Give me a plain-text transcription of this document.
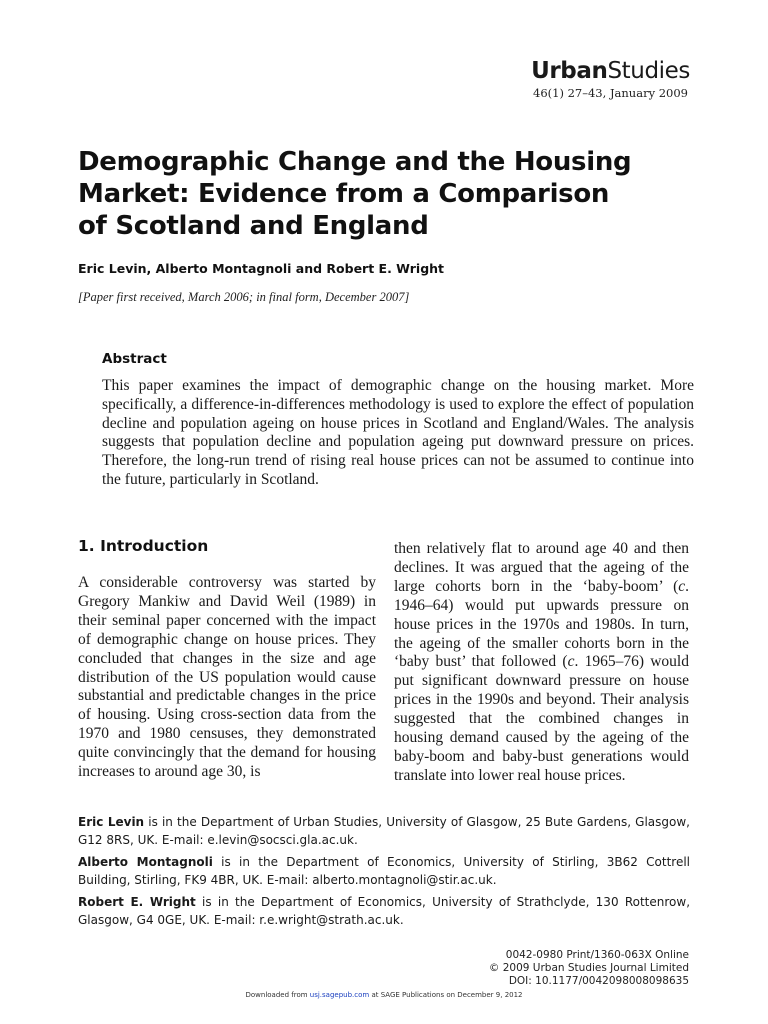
UrbanStudies
46(1) 27–43, January 2009
Demographic Change and the Housing
Market: Evidence from a Comparison
of Scotland and England
Eric Levin, Alberto Montagnoli and Robert E. Wright
[Paper first received, March 2006; in final form, December 2007]
Abstract

This paper examines the impact of demographic change on the housing market. More specifically, a difference-in-differences methodology is used to explore the effect of population decline and population ageing on house prices in Scotland and England/Wales. The analysis suggests that population decline and population ageing put downward pressure on prices. Therefore, the long-run trend of rising real house prices can not be assumed to continue into the future, particularly in Scotland.

1. Introduction

A considerable controversy was started by Gregory Mankiw and David Weil (1989) in their seminal paper concerned with the impact of demographic change on house prices. They concluded that changes in the size and age distribution of the US population would cause substantial and predictable changes in the price of housing. Using cross-section data from the 1970 and 1980 censuses, they demonstrated quite convincingly that the demand for housing increases to around age 30, is

then relatively flat to around age 40 and then declines. It was argued that the ageing of the large cohorts born in the ‘baby-boom’ (c. 1946–64) would put upwards pressure on house prices in the 1970s and 1980s. In turn, the ageing of the smaller cohorts born in the ‘baby bust’ that followed (c. 1965–76) would put significant downward pressure on house prices in the 1990s and beyond. Their analysis suggested that the combined changes in housing demand caused by the ageing of the baby-boom and baby-bust generations would translate into lower real house prices.

Eric Levin is in the Department of Urban Studies, University of Glasgow, 25 Bute Gardens, Glasgow, G12 8RS, UK. E-mail: e.levin@socsci.gla.ac.uk.

Alberto Montagnoli is in the Department of Economics, University of Stirling, 3B62 Cottrell Building, Stirling, FK9 4BR, UK. E-mail: alberto.montagnoli@stir.ac.uk.

Robert E. Wright is in the Department of Economics, University of Strathclyde, 130 Rottenrow, Glasgow, G4 0GE, UK. E-mail: r.e.wright@strath.ac.uk.

0042-0980 Print/1360-063X Online
© 2009 Urban Studies Journal Limited
DOI: 10.1177/0042098008098635
Downloaded from usj.sagepub.com at SAGE Publications on December 9, 2012
